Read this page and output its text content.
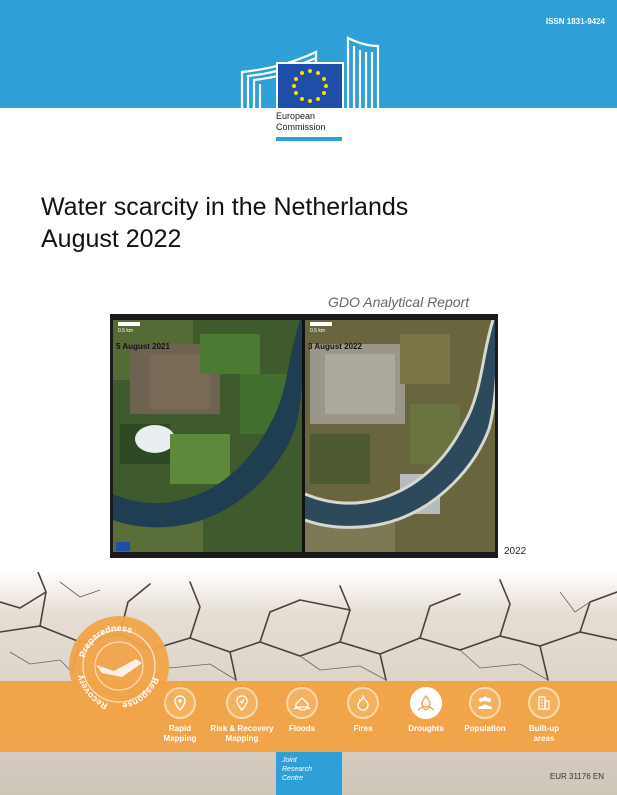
ISSN 1831-9424
European
Commission
Water scarcity in the Netherlands
August 2022
GDO Analytical Report
0.5 km	0.5 km
5 August 2021	3 August 2022
2022
Preparedness
Recovery	Response
Rapid
Mapping
Risk & Recovery
Mapping
Floods	Fires	Droughts	Population	Built-up
areas
Joint
Research
Centre	EUR 31176 EN
